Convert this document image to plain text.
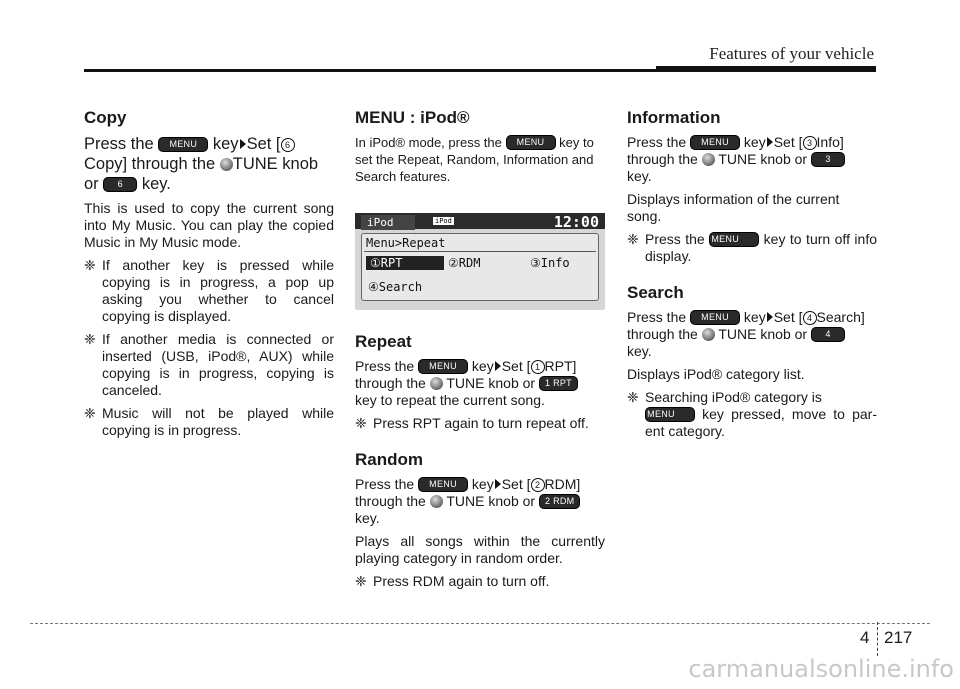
Features of your vehicle
Copy

Press the MENU key Set [ 6
Copy] through the TUNE knob
or 6 key.

This is used to copy the current song into My Music. You can play the copied Music in My Music mode.

❈ If another key is pressed while copying is in progress, a pop up asking you whether to cancel copying is displayed.

❈ If another media is connected or inserted (USB, iPod®, AUX) while copying is in progress, copying is canceled.

❈ Music will not be played while copying is in progress.

MENU : iPod®

In iPod® mode, press the MENU key to set the Repeat, Random, Information and Search features.

iPod	iPod	12:00
Menu>Repeat
①RPT	②RDM	③Info
④Search
Repeat

Press the MENU key Set [ 1 RPT]
through the  TUNE knob or 1 RPT
key to repeat the current song.

❈ Press RPT again to turn repeat off.

Random

Press the MENU key Set [ 2 RDM]
through the  TUNE knob or 2 RDM
key.

Plays all songs within the currently playing category in random order.

❈ Press RDM again to turn off.

Information

Press the MENU key Set [ 3 Info]
through the  TUNE knob or 3
key.

Displays information of the current song.

❈ Press the MENU key to turn off info display.

Search

Press the MENU key Set [ 4 Search]
through the  TUNE knob or 4
key.

Displays iPod® category list.

❈ Searching iPod® category is
MENU key pressed, move to par-ent category.

4 217
carmanualsonline.info
